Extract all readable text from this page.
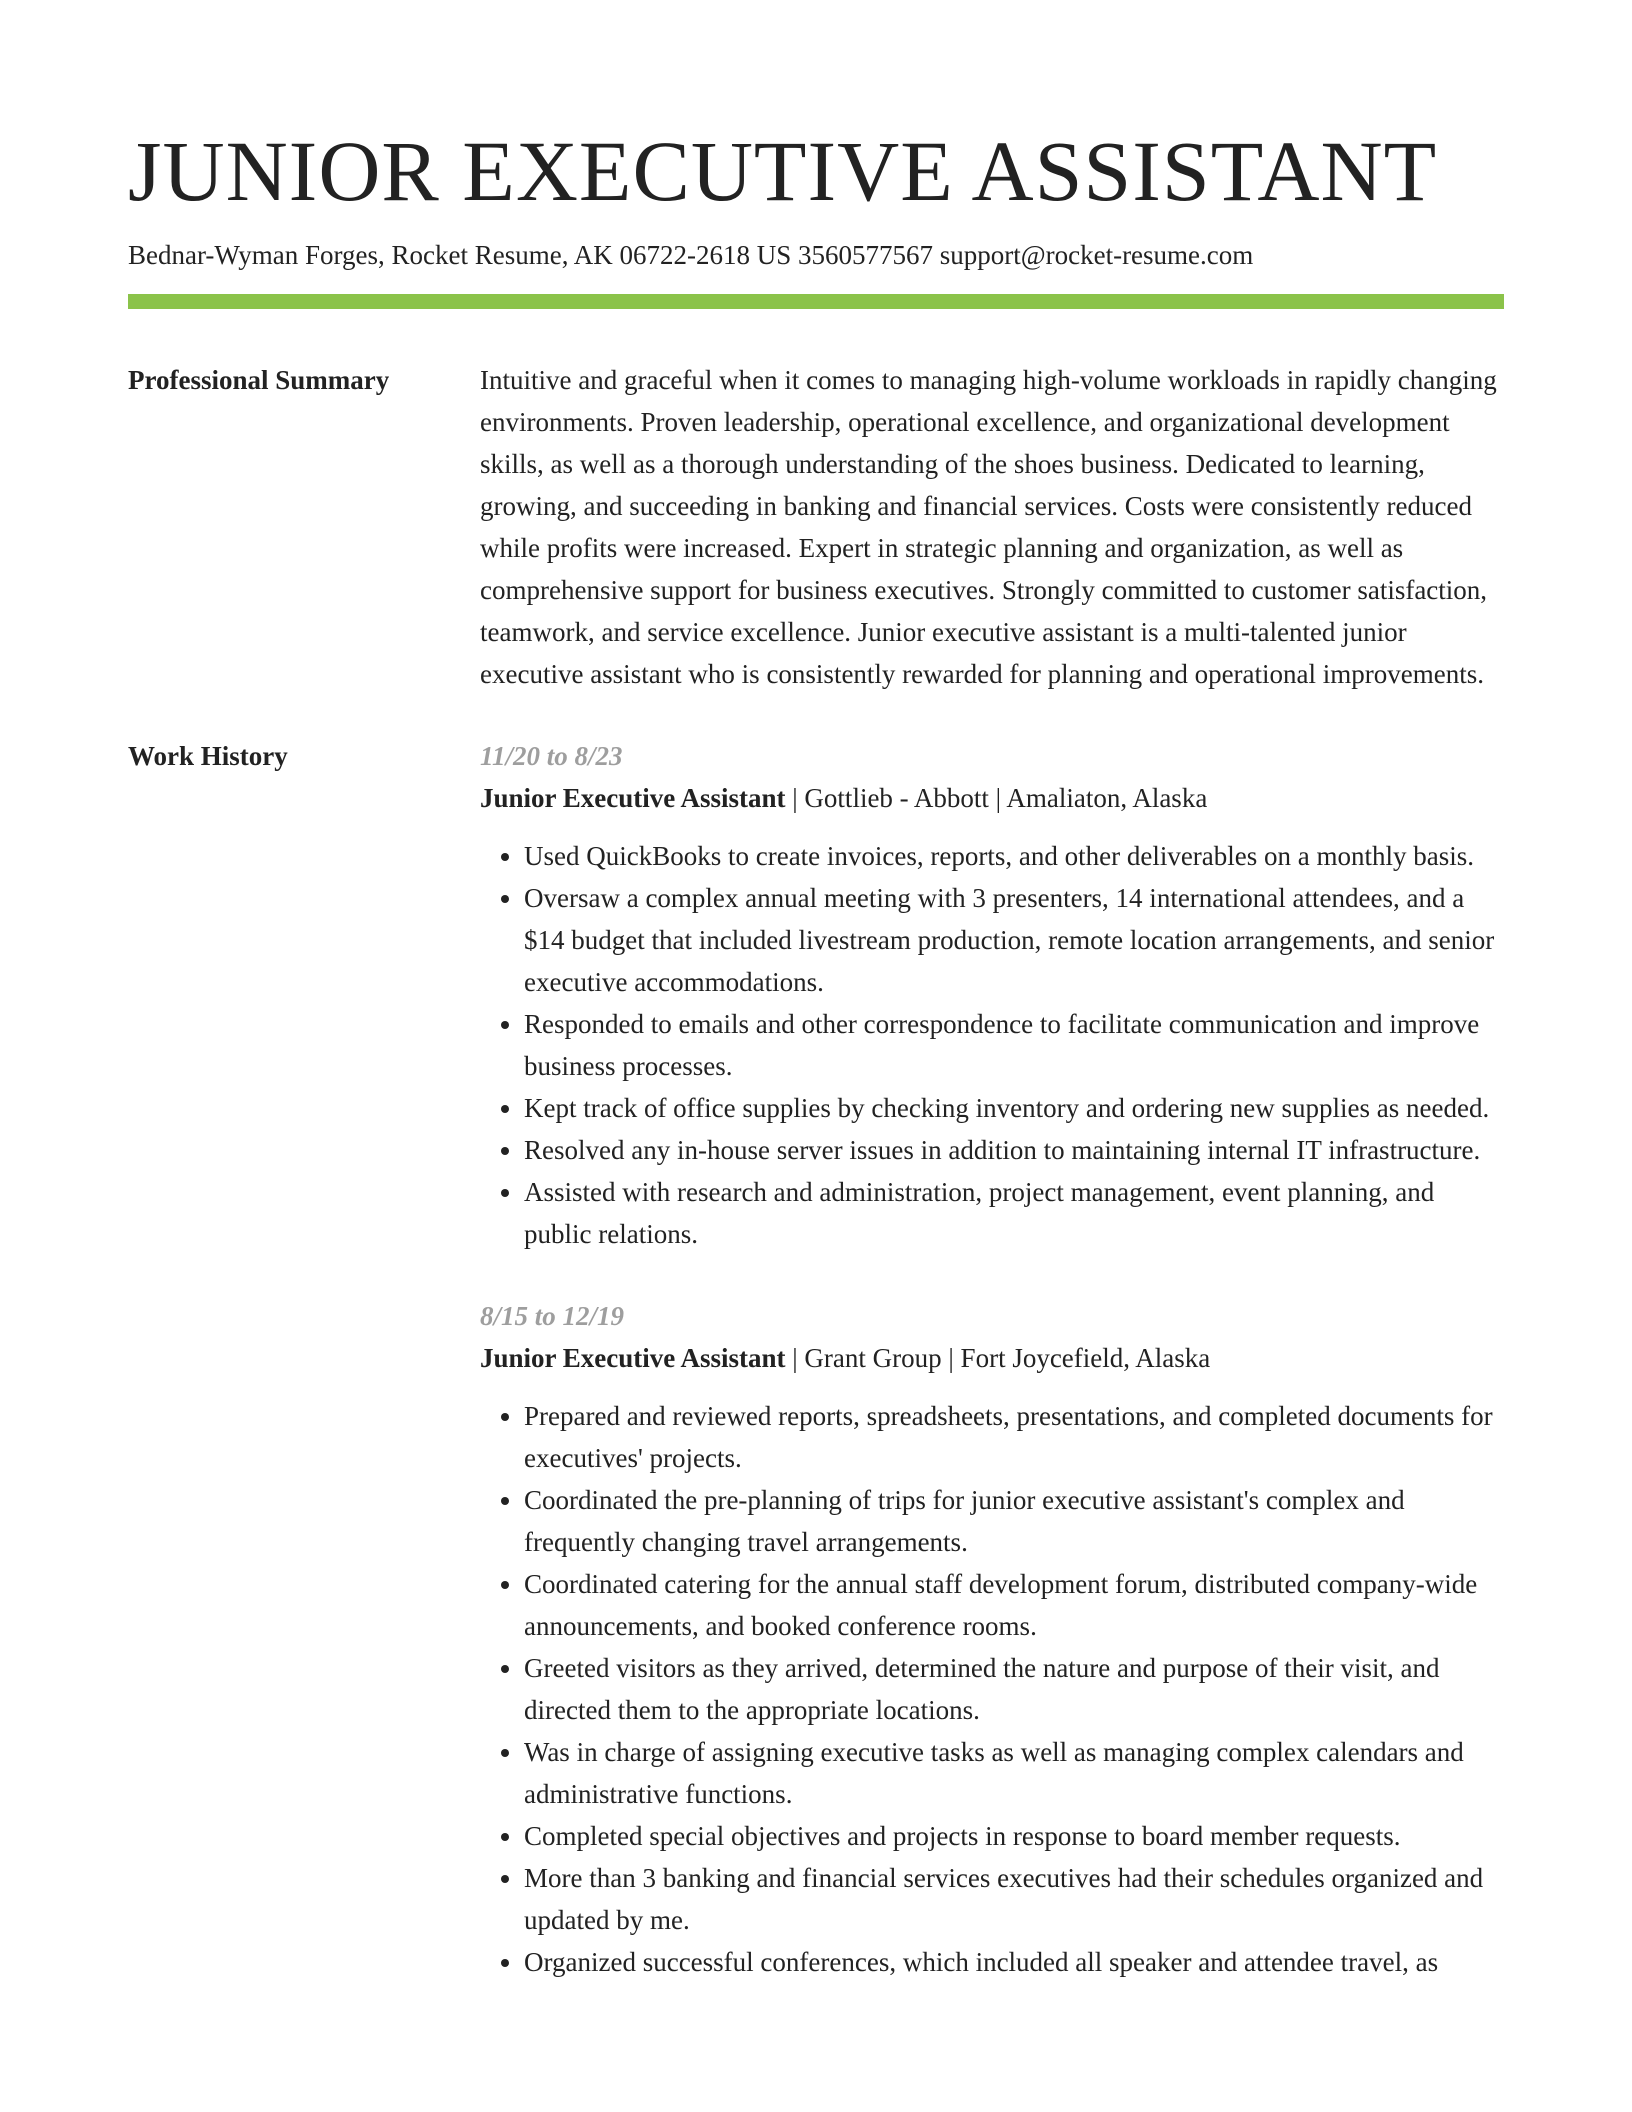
JUNIOR EXECUTIVE ASSISTANT
Bednar-Wyman Forges, Rocket Resume, AK 06722-2618 US 3560577567 support@rocket-resume.com
Professional Summary	Intuitive and graceful when it comes to managing high-volume workloads in rapidly changing environments. Proven leadership, operational excellence, and organizational development skills, as well as a thorough understanding of the shoes business. Dedicated to learning, growing, and succeeding in banking and financial services. Costs were consistently reduced while profits were increased. Expert in strategic planning and organization, as well as comprehensive support for business executives. Strongly committed to customer satisfaction, teamwork, and service excellence. Junior executive assistant is a multi-talented junior executive assistant who is consistently rewarded for planning and operational improvements.

Work History	11/20 to 8/23
Junior Executive Assistant | Gottlieb - Abbott | Amaliaton, Alaska
• Used QuickBooks to create invoices, reports, and other deliverables on a monthly basis.
• Oversaw a complex annual meeting with 3 presenters, 14 international attendees, and a $14 budget that included livestream production, remote location arrangements, and senior executive accommodations.
• Responded to emails and other correspondence to facilitate communication and improve business processes.
• Kept track of office supplies by checking inventory and ordering new supplies as needed.
• Resolved any in-house server issues in addition to maintaining internal IT infrastructure.
• Assisted with research and administration, project management, event planning, and public relations.
8/15 to 12/19
Junior Executive Assistant | Grant Group | Fort Joycefield, Alaska
• Prepared and reviewed reports, spreadsheets, presentations, and completed documents for executives' projects.
• Coordinated the pre-planning of trips for junior executive assistant's complex and frequently changing travel arrangements.
• Coordinated catering for the annual staff development forum, distributed company-wide announcements, and booked conference rooms.
• Greeted visitors as they arrived, determined the nature and purpose of their visit, and directed them to the appropriate locations.
• Was in charge of assigning executive tasks as well as managing complex calendars and administrative functions.
• Completed special objectives and projects in response to board member requests.
• More than 3 banking and financial services executives had their schedules organized and updated by me.
• Organized successful conferences, which included all speaker and attendee travel, as
